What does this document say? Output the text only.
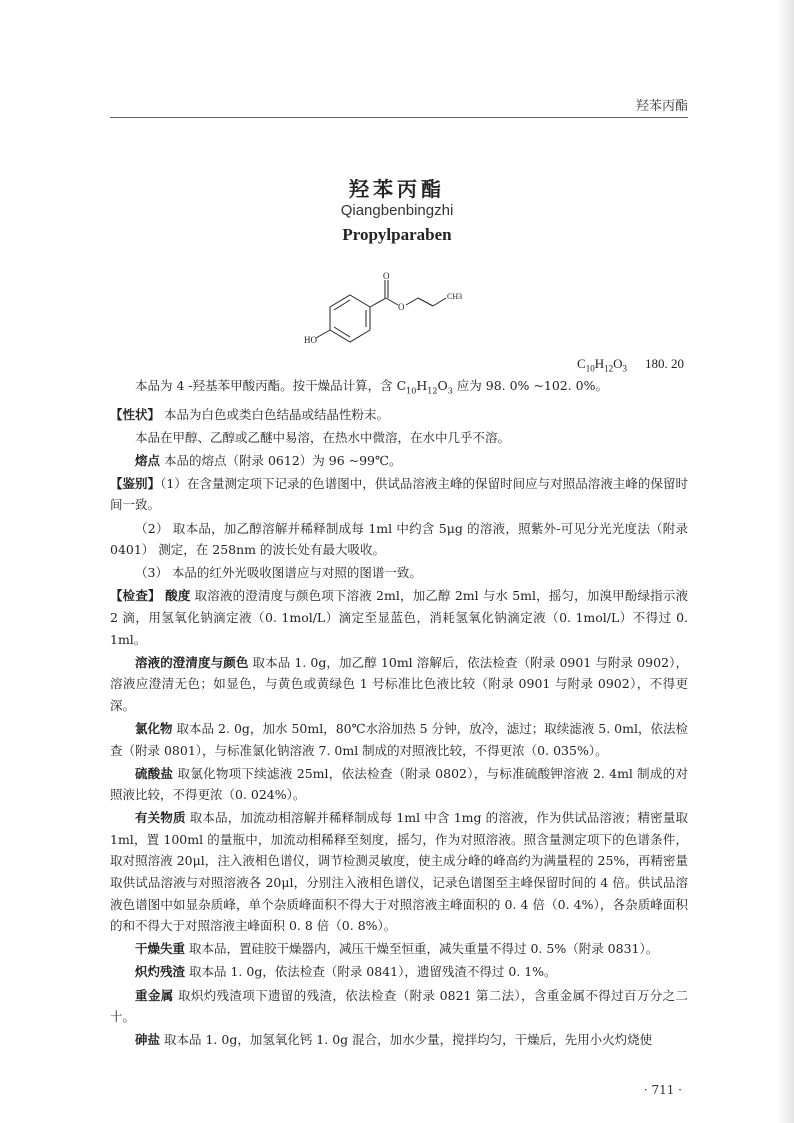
羟苯丙酯
羟苯丙酯
Qiangbenbingzhi
Propylparaben
HO
O
O
CH3
$C_{10}H_{12}O_3$ 180. 20

本品为 4 -羟基苯甲酸丙酯。按干燥品计算，含 $C_{10}H_{12}O_3$ 应为 98. 0% ~102. 0%。

【性状】 本品为白色或类白色结晶或结晶性粉末。

本品在甲醇、乙醇或乙醚中易溶，在热水中微溶，在水中几乎不溶。

熔点 本品的熔点（附录 0612）为 96 ~99℃。

【鉴别】（1）在含量测定项下记录的色谱图中，供试品溶液主峰的保留时间应与对照品溶液主峰的保留时间一致。

（2） 取本品，加乙醇溶解并稀释制成每 1ml 中约含 5μg 的溶液，照紫外-可见分光光度法（附录 0401） 测定，在 258nm 的波长处有最大吸收。

（3） 本品的红外光吸收图谱应与对照的图谱一致。

【检查】 酸度 取溶液的澄清度与颜色项下溶液 2ml，加乙醇 2ml 与水 5ml，摇匀，加溴甲酚绿指示液 2 滴，用氢氧化钠滴定液（0. 1mol/L）滴定至显蓝色，消耗氢氧化钠滴定液（0. 1mol/L）不得过 0. 1ml。

溶液的澄清度与颜色 取本品 1. 0g，加乙醇 10ml 溶解后，依法检查（附录 0901 与附录 0902），溶液应澄清无色；如显色，与黄色或黄绿色 1 号标准比色液比较（附录 0901 与附录 0902），不得更深。

氯化物 取本品 2. 0g，加水 50ml，80℃水浴加热 5 分钟，放冷，滤过；取续滤液 5. 0ml，依法检查（附录 0801），与标准氯化钠溶液 7. 0ml 制成的对照液比较，不得更浓（0. 035%）。

硫酸盐 取氯化物项下续滤液 25ml，依法检查（附录 0802），与标准硫酸钾溶液 2. 4ml 制成的对照液比较，不得更浓（0. 024%）。

有关物质 取本品，加流动相溶解并稀释制成每 1ml 中含 1mg 的溶液，作为供试品溶液；精密量取 1ml，置 100ml 的量瓶中，加流动相稀释至刻度，摇匀，作为对照溶液。照含量测定项下的色谱条件，取对照溶液 20μl，注入液相色谱仪，调节检测灵敏度，使主成分峰的峰高约为满量程的 25%，再精密量取供试品溶液与对照溶液各 20μl，分别注入液相色谱仪，记录色谱图至主峰保留时间的 4 倍。供试品溶液色谱图中如显杂质峰，单个杂质峰面积不得大于对照溶液主峰面积的 0. 4 倍（0. 4%），各杂质峰面积的和不得大于对照溶液主峰面积 0. 8 倍（0. 8%）。

干燥失重 取本品，置硅胶干燥器内，减压干燥至恒重，减失重量不得过 0. 5%（附录 0831）。

炽灼残渣 取本品 1. 0g，依法检查（附录 0841），遗留残渣不得过 0. 1%。

重金属 取炽灼残渣项下遗留的残渣，依法检查（附录 0821 第二法），含重金属不得过百万分之二十。

砷盐 取本品 1. 0g，加氢氧化钙 1. 0g 混合，加水少量，搅拌均匀，干燥后，先用小火灼烧使

· 711 ·
